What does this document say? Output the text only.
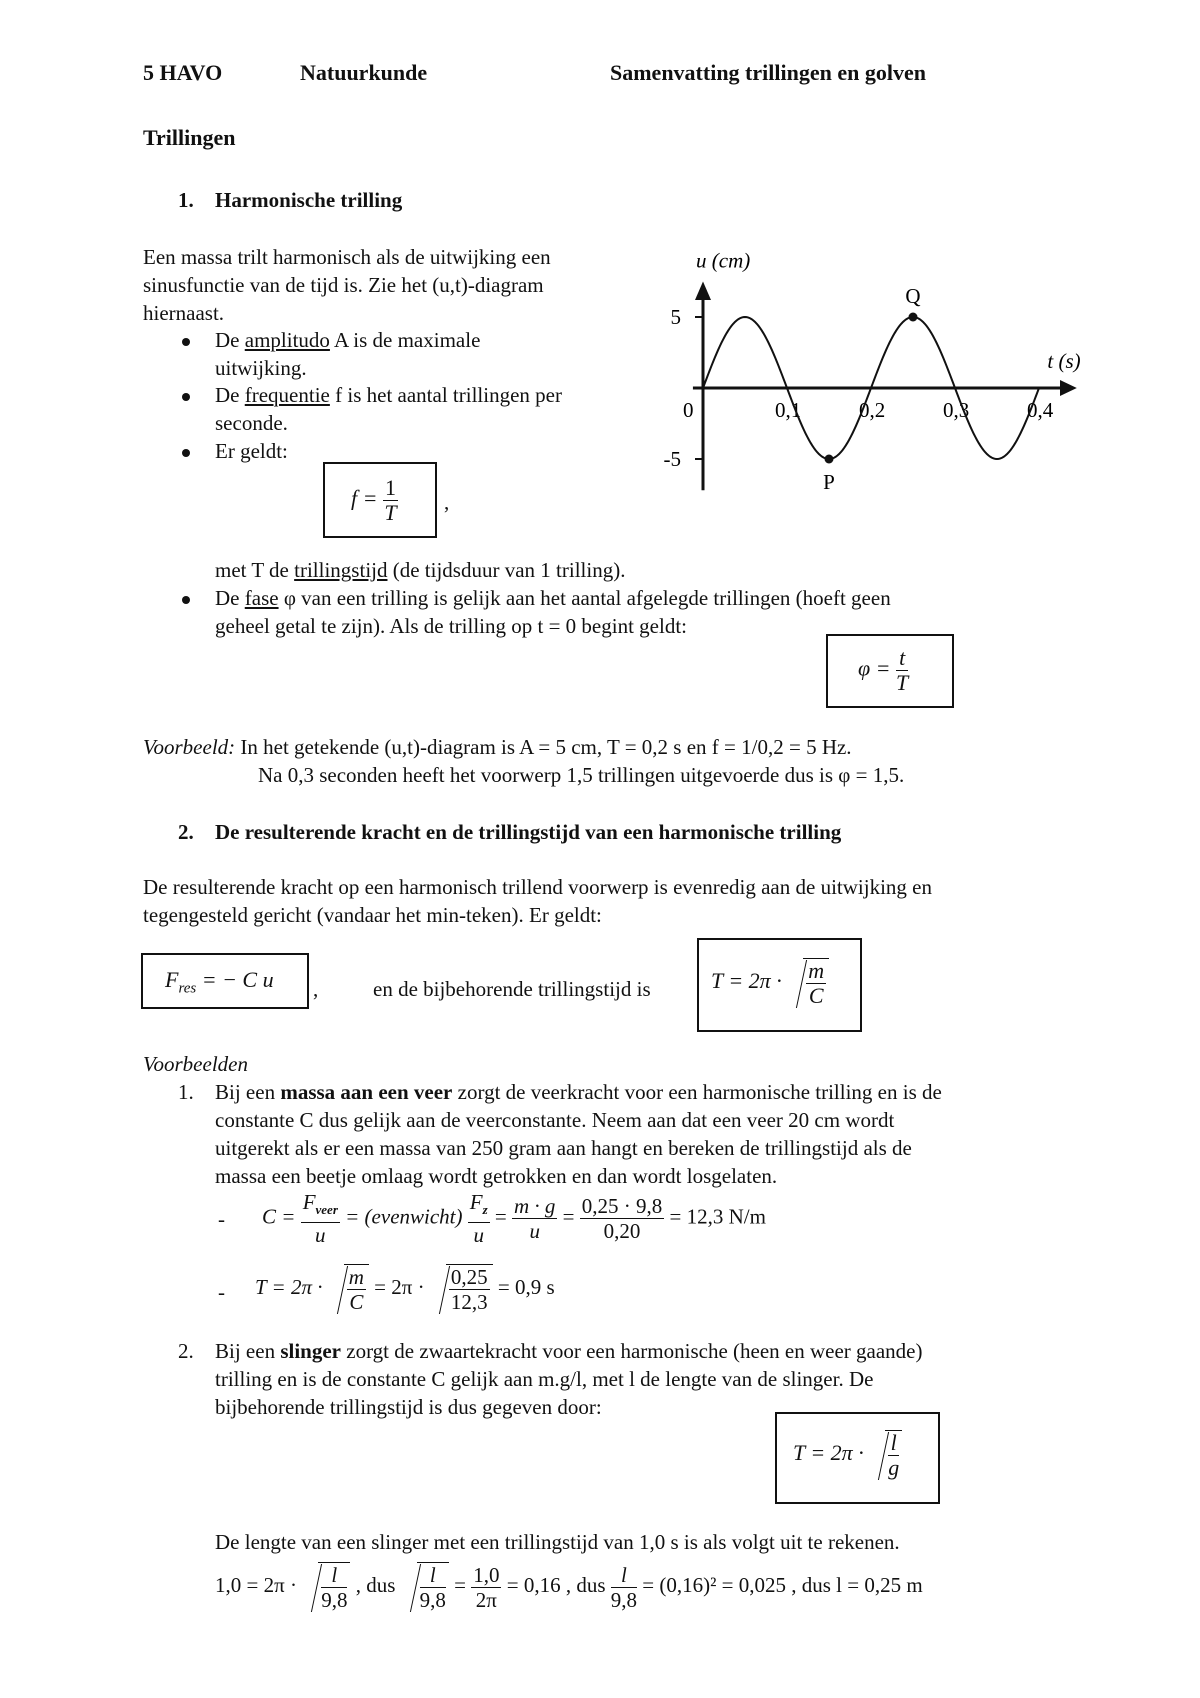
5 HAVO	Natuurkunde	Samenvatting trillingen en golven
Trillingen
1. Harmonische trilling
Een massa trilt harmonisch als de uitwijking een
sinusfunctie van de tijd is. Zie het (u,t)-diagram
hiernaast.
De amplitudo A is de maximale
uitwijking.
De frequentie f is het aantal trillingen per
seconde.
Er geldt:
$f = \frac{1}{T}$ ,
met T de trillingstijd (de tijdsduur van 1 trilling).
De fase φ van een trilling is gelijk aan het aantal afgelegde trillingen (hoeft geen
geheel getal te zijn). Als de trilling op t = 0 begint geldt:
$\varphi = \frac{t}{T}$
Voorbeeld: In het getekende (u,t)-diagram is A = 5 cm, T = 0,2 s en f = 1/0,2 = 5 Hz.
Na 0,3 seconden heeft het voorwerp 1,5 trillingen uitgevoerde dus is φ = 1,5.
5
-5
0	0,1	0,2	0,3	0,4
u (cm)
t (s)
Q
P
2. De resulterende kracht en de trillingstijd van een harmonische trilling
De resulterende kracht op een harmonisch trillend voorwerp is evenredig aan de uitwijking en
tegengesteld gericht (vandaar het min-teken). Er geldt:
$F_{res}$ = − C u ,	en de bijbehorende trillingstijd is	$T = 2\pi \cdot \frac{m}{C}$
Voorbeelden
1. Bij een massa aan een veer zorgt de veerkracht voor een harmonische trilling en is de
constante C dus gelijk aan de veerconstante. Neem aan dat een veer 20 cm wordt
uitgerekt als er een massa van 250 gram aan hangt en bereken de trillingstijd als de
massa een beetje omlaag wordt getrokken en dan wordt losgelaten.
- $C = \frac{F_{veer}}{u}$ = (evenwicht) $\frac{F_z}{u} = \frac{m \cdot g}{u} = \frac{0,25 \cdot 9,8}{0,20} = 12,3$ N/m
- $T = 2\pi \cdot \frac{m}{C} = 2\pi \cdot \frac{0,25}{12,3} = 0,9$ s
2. Bij een slinger zorgt de zwaartekracht voor een harmonische (heen en weer gaande)
trilling en is de constante C gelijk aan m.g/l, met l de lengte van de slinger. De
bijbehorende trillingstijd is dus gegeven door:
$T = 2\pi \cdot \frac{l}{g}$
De lengte van een slinger met een trillingstijd van 1,0 s is als volgt uit te rekenen.
$1,0 = 2\pi \cdot \frac{l}{9,8}$ , dus $\frac{l}{9,8} = \frac{1,0}{2\pi} = 0,16$ , dus $\frac{l}{9,8} = (0,16)^2 = 0,025$ , dus l = 0,25 m
